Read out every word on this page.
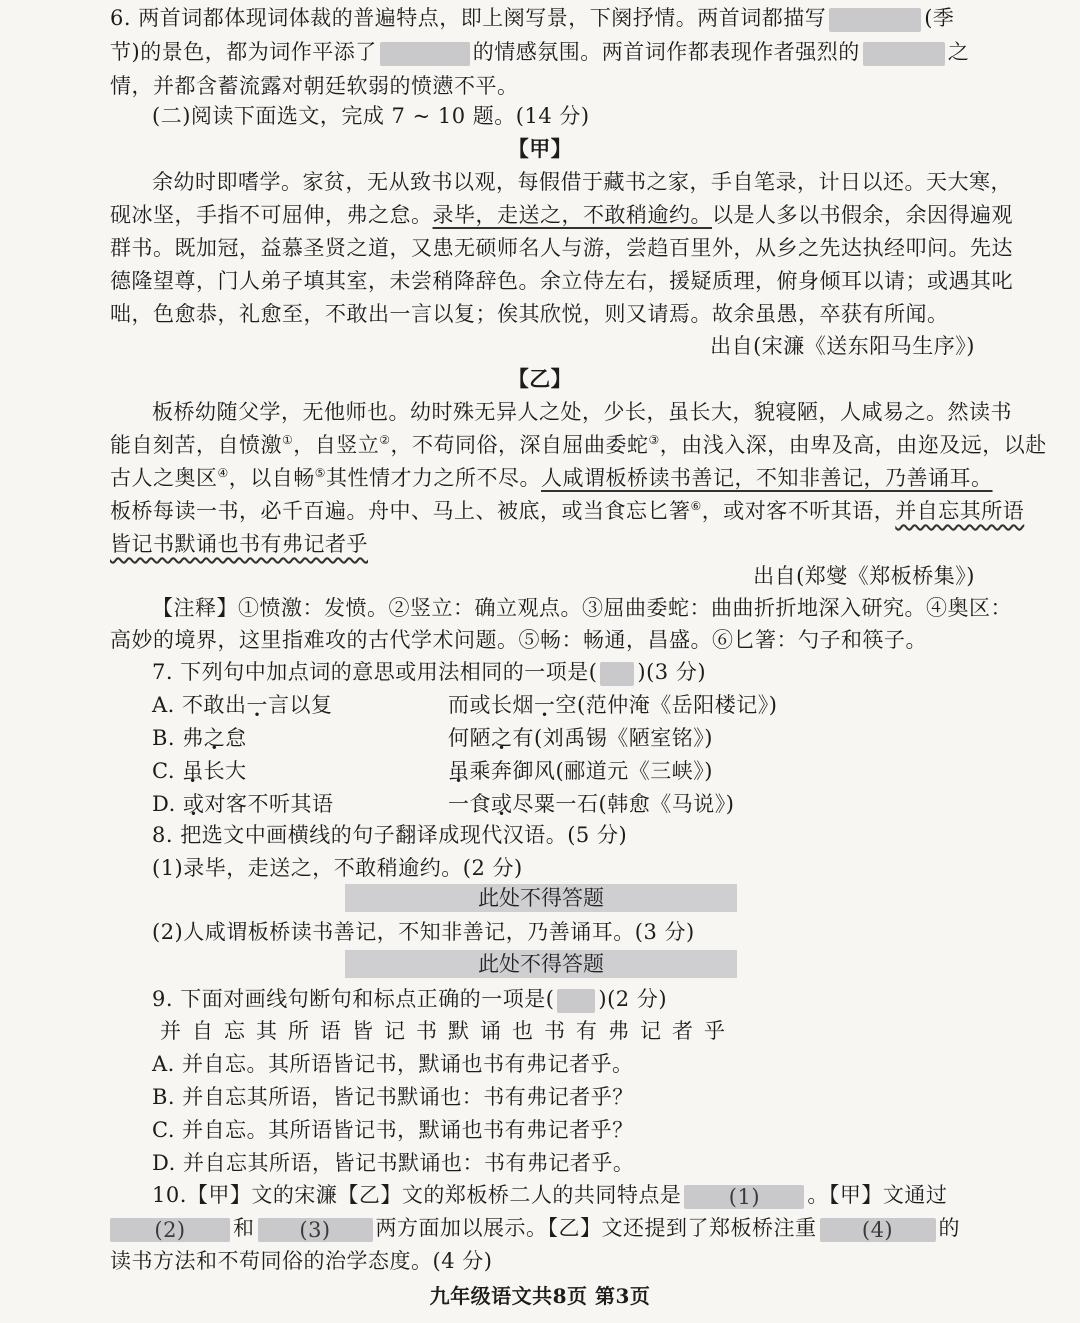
6. 两首词都体现词体裁的普遍特点，即上阕写景，下阕抒情。两首词都描写	(季
节)的景色，都为词作平添了	的情感氛围。两首词作都表现作者强烈的	之
情，并都含蓄流露对朝廷软弱的愤懑不平。
(二)阅读下面选文，完成 7 ~ 10 题。(14 分)
【甲】
余幼时即嗜学。家贫，无从致书以观，每假借于藏书之家，手自笔录，计日以还。天大寒，
砚冰坚，手指不可屈伸，弗之怠。录毕，走送之，不敢稍逾约。以是人多以书假余，余因得遍观
群书。既加冠，益慕圣贤之道，又患无硕师名人与游，尝趋百里外，从乡之先达执经叩问。先达
德隆望尊，门人弟子填其室，未尝稍降辞色。余立侍左右，援疑质理，俯身倾耳以请；或遇其叱
咄，色愈恭，礼愈至，不敢出一言以复；俟其欣悦，则又请焉。故余虽愚，卒获有所闻。
出自(宋濂《送东阳马生序》)
【乙】
板桥幼随父学，无他师也。幼时殊无异人之处，少长，虽长大，貌寝陋，人咸易之。然读书
能自刻苦，自愤激①，自竖立②，不苟同俗，深自屈曲委蛇③，由浅入深，由卑及高，由迩及远，以赴
古人之奥区④，以自畅⑤其性情才力之所不尽。人咸谓板桥读书善记，不知非善记，乃善诵耳。
板桥每读一书，必千百遍。舟中、马上、被底，或当食忘匕箸⑥，或对客不听其语，并自忘其所语
皆记书默诵也书有弗记者乎
出自(郑燮《郑板桥集》)
【注释】①愤激：发愤。②竖立：确立观点。③屈曲委蛇：曲曲折折地深入研究。④奥区：
高妙的境界，这里指难攻的古代学术问题。⑤畅：畅通，昌盛。⑥匕箸：勺子和筷子。
7. 下列句中加点词的意思或用法相同的一项是( )(3 分)
A. 不敢出一言以复	而或长烟一空(范仲淹《岳阳楼记》)
B. 弗之怠	何陋之有(刘禹锡《陋室铭》)
C. 虽长大	虽乘奔御风(郦道元《三峡》)
D. 或对客不听其语	一食或尽粟一石(韩愈《马说》)
8. 把选文中画横线的句子翻译成现代汉语。(5 分)
(1)录毕，走送之，不敢稍逾约。(2 分)
此处不得答题
(2)人咸谓板桥读书善记，不知非善记，乃善诵耳。(3 分)
此处不得答题
9. 下面对画线句断句和标点正确的一项是( )(2 分)
并自忘其所语皆记书默诵也书有弗记者乎
A. 并自忘。其所语皆记书，默诵也书有弗记者乎。
B. 并自忘其所语，皆记书默诵也：书有弗记者乎？
C. 并自忘。其所语皆记书，默诵也书有弗记者乎？
D. 并自忘其所语，皆记书默诵也：书有弗记者乎。
10.【甲】文的宋濂【乙】文的郑板桥二人的共同特点是 (1) 。【甲】文通过
(2) 和 (3) 两方面加以展示。【乙】文还提到了郑板桥注重 (4) 的
读书方法和不苟同俗的治学态度。(4 分)
九年级语文共8页 第3页
